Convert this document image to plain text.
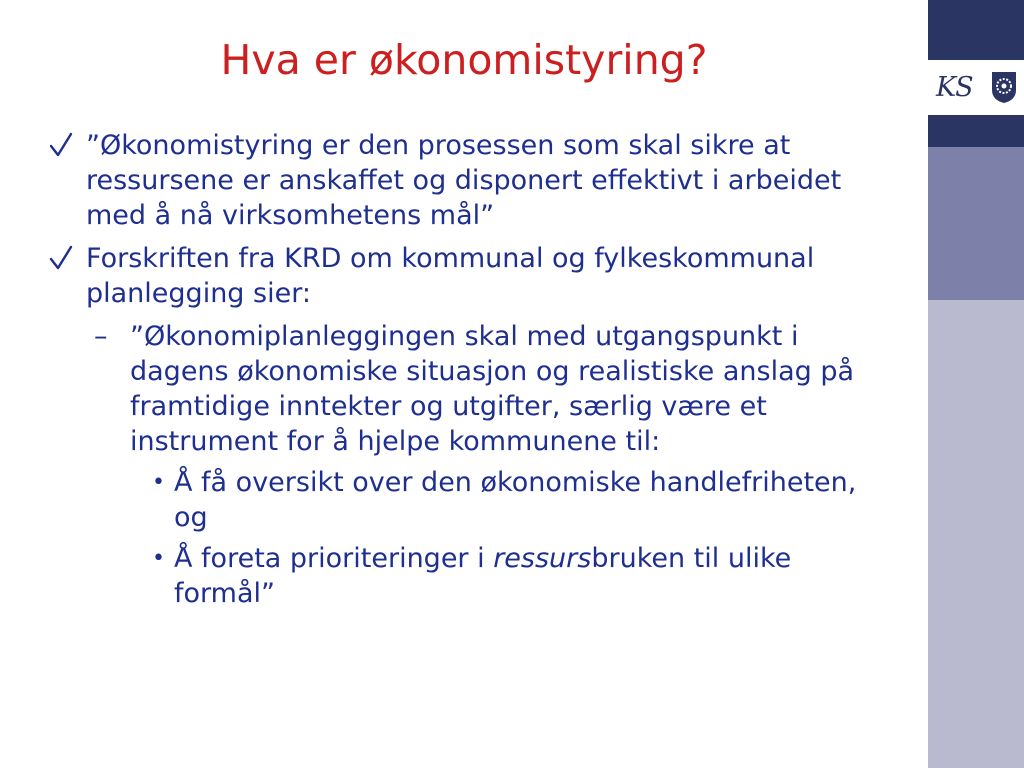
KS
Hva er økonomistyring?
”Økonomistyring er den prosessen som skal sikre at ressursene er anskaffet og disponert effektivt i arbeidet med å nå virksomhetens mål”
Forskriften fra KRD om kommunal og fylkeskommunal planlegging sier:
– ”Økonomiplanleggingen skal med utgangspunkt i dagens økonomiske situasjon og realistiske anslag på framtidige inntekter og utgifter, særlig være et instrument for å hjelpe kommunene til:
• Å få oversikt over den økonomiske handlefriheten, og
• Å foreta prioriteringer i ressursbruken til ulike formål”
